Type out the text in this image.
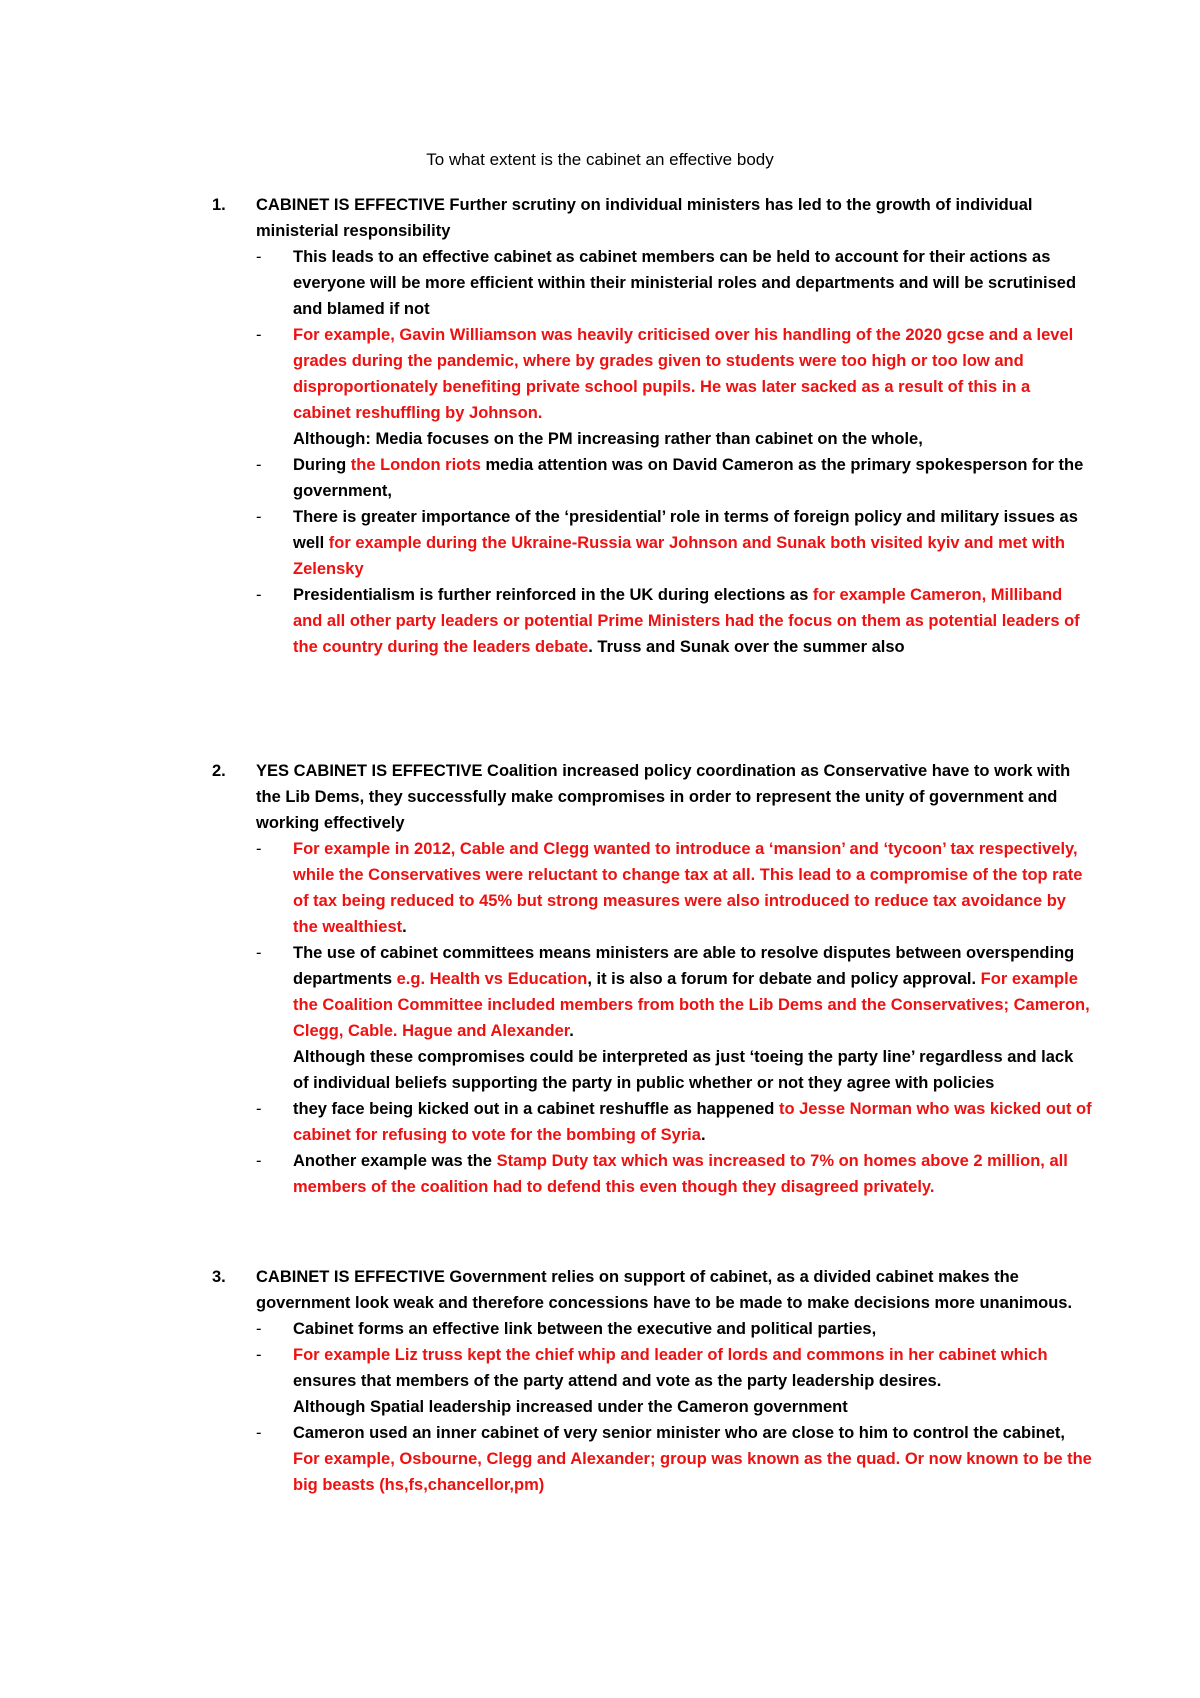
To what extent is the cabinet an effective body
1. CABINET IS EFFECTIVE Further scrutiny on individual ministers has led to the growth of individual ministerial responsibility
- This leads to an effective cabinet as cabinet members can be held to account for their actions as everyone will be more efficient within their ministerial roles and departments and will be scrutinised and blamed if not
- For example, Gavin Williamson was heavily criticised over his handling of the 2020 gcse and a level grades during the pandemic, where by grades given to students were too high or too low and disproportionately benefiting private school pupils. He was later sacked as a result of this in a cabinet reshuffling by Johnson.
Although: Media focuses on the PM increasing rather than cabinet on the whole,
- During the London riots media attention was on David Cameron as the primary spokesperson for the government,
- There is greater importance of the ‘presidential’ role in terms of foreign policy and military issues as well for example during the Ukraine-Russia war Johnson and Sunak both visited kyiv and met with Zelensky
- Presidentialism is further reinforced in the UK during elections as for example Cameron, Milliband and all other party leaders or potential Prime Ministers had the focus on them as potential leaders of the country during the leaders debate. Truss and Sunak over the summer also
2. YES CABINET IS EFFECTIVE Coalition increased policy coordination as Conservative have to work with the Lib Dems, they successfully make compromises in order to represent the unity of government and working effectively
- For example in 2012, Cable and Clegg wanted to introduce a ‘mansion’ and ‘tycoon’ tax respectively, while the Conservatives were reluctant to change tax at all. This lead to a compromise of the top rate of tax being reduced to 45% but strong measures were also introduced to reduce tax avoidance by the wealthiest.
- The use of cabinet committees means ministers are able to resolve disputes between overspending departments e.g. Health vs Education, it is also a forum for debate and policy approval. For example the Coalition Committee included members from both the Lib Dems and the Conservatives; Cameron, Clegg, Cable. Hague and Alexander.
Although these compromises could be interpreted as just ‘toeing the party line’ regardless and lack of individual beliefs supporting the party in public whether or not they agree with policies
- they face being kicked out in a cabinet reshuffle as happened to Jesse Norman who was kicked out of cabinet for refusing to vote for the bombing of Syria.
- Another example was the Stamp Duty tax which was increased to 7% on homes above 2 million, all members of the coalition had to defend this even though they disagreed privately.
3. CABINET IS EFFECTIVE Government relies on support of cabinet, as a divided cabinet makes the government look weak and therefore concessions have to be made to make decisions more unanimous.
- Cabinet forms an effective link between the executive and political parties,
- For example Liz truss kept the chief whip and leader of lords and commons in her cabinet which ensures that members of the party attend and vote as the party leadership desires.
Although Spatial leadership increased under the Cameron government
- Cameron used an inner cabinet of very senior minister who are close to him to control the cabinet, For example, Osbourne, Clegg and Alexander; group was known as the quad. Or now known to be the big beasts (hs,fs,chancellor,pm)
